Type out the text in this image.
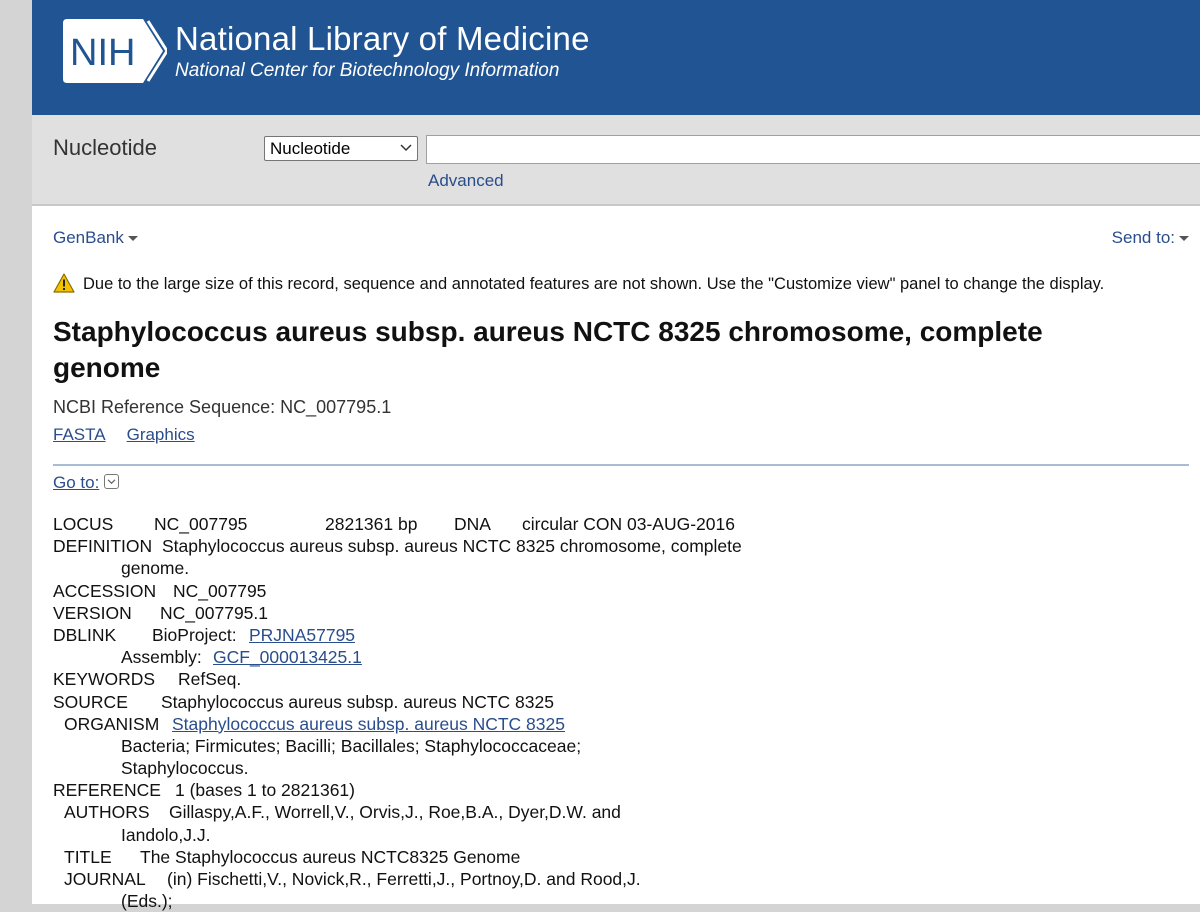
NIH National Library of Medicine
National Center for Biotechnology Information
Nucleotide	Nucleotide
Advanced
GenBank	Send to:
Due to the large size of this record, sequence and annotated features are not shown. Use the "Customize view" panel to change the display.
Staphylococcus aureus subsp. aureus NCTC 8325 chromosome, complete genome
NCBI Reference Sequence: NC_007795.1
FASTA Graphics
Go to:
LOCUS NC_007795	2821361 bp DNA circular CON 03-AUG-2016
DEFINITION Staphylococcus aureus subsp. aureus NCTC 8325 chromosome, complete
genome.
ACCESSION NC_007795
VERSION NC_007795.1
DBLINK BioProject: PRJNA57795
Assembly: GCF_000013425.1
KEYWORDS RefSeq.
SOURCE Staphylococcus aureus subsp. aureus NCTC 8325
ORGANISM Staphylococcus aureus subsp. aureus NCTC 8325
Bacteria; Firmicutes; Bacilli; Bacillales; Staphylococcaceae;
Staphylococcus.
REFERENCE 1 (bases 1 to 2821361)
AUTHORS Gillaspy,A.F., Worrell,V., Orvis,J., Roe,B.A., Dyer,D.W. and
Iandolo,J.J.
TITLE The Staphylococcus aureus NCTC8325 Genome
JOURNAL (in) Fischetti,V., Novick,R., Ferretti,J., Portnoy,D. and Rood,J.
(Eds.);
